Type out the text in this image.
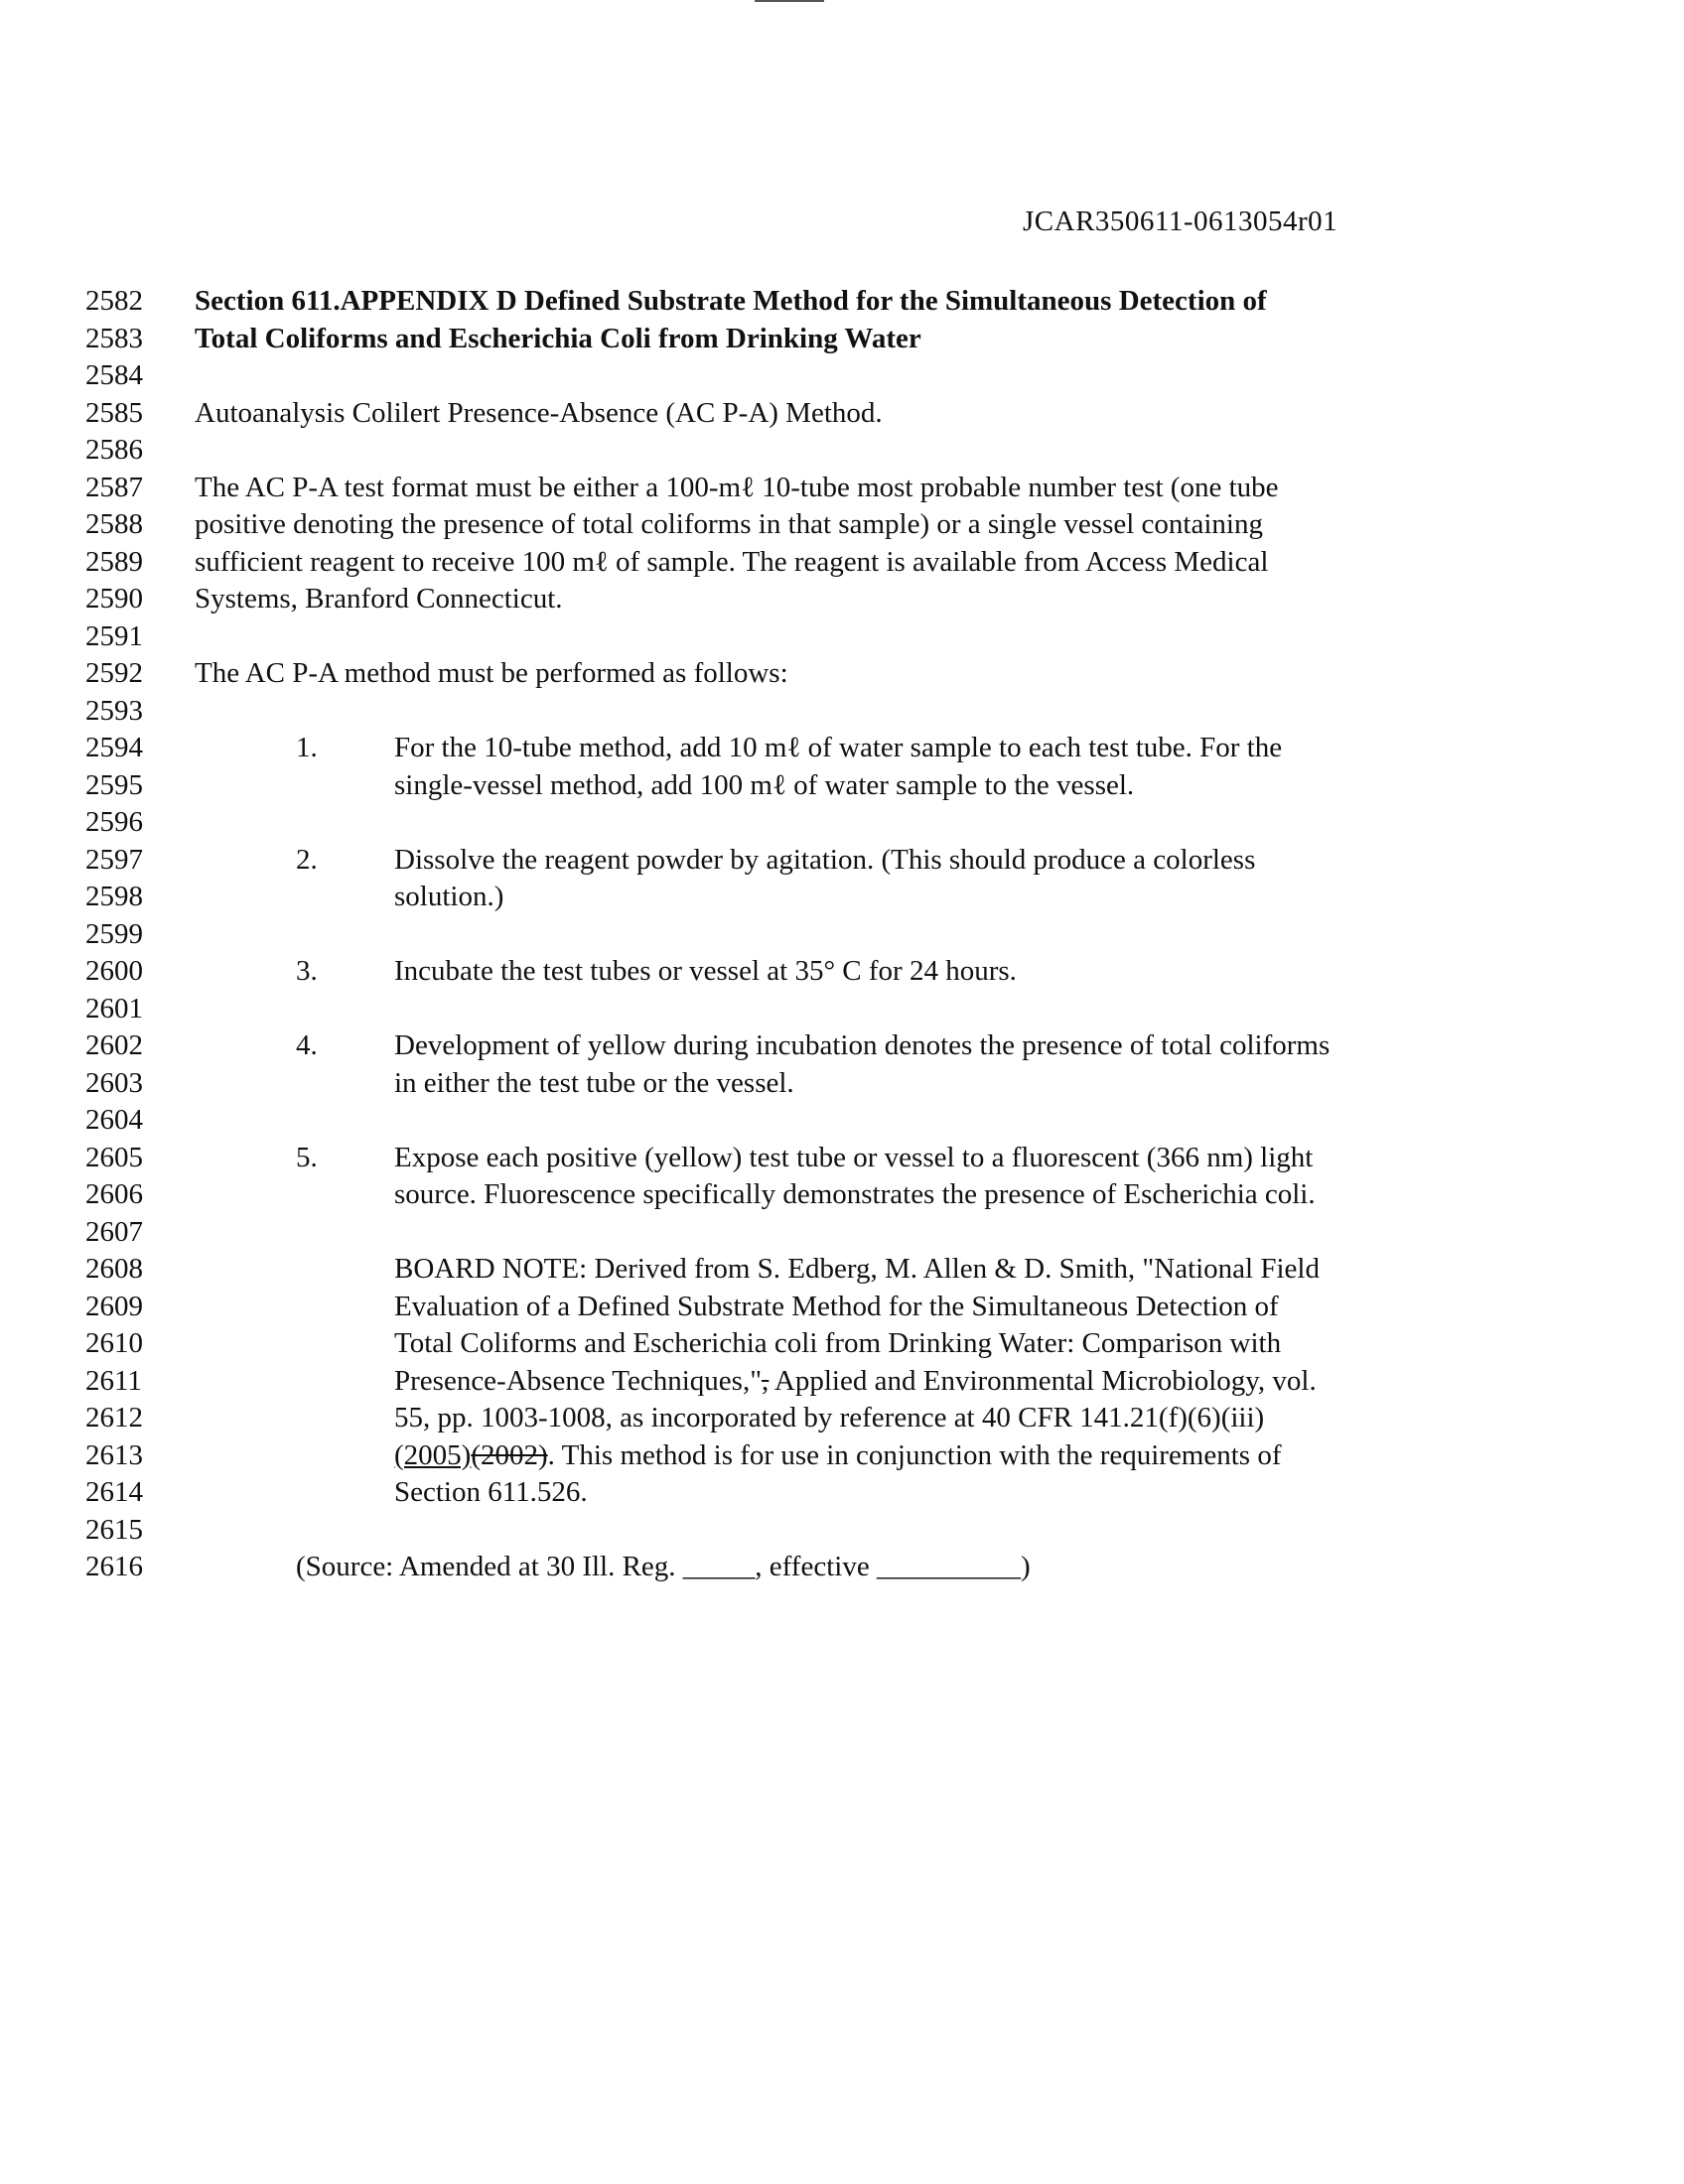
JCAR350611-0613054r01
2582	Section 611.APPENDIX D Defined Substrate Method for the Simultaneous Detection of
2583	Total Coliforms and Escherichia Coli from Drinking Water
2584
2585	Autoanalysis Colilert Presence-Absence (AC P-A) Method.
2586
2587	The AC P-A test format must be either a 100-mℓ 10-tube most probable number test (one tube
2588	positive denoting the presence of total coliforms in that sample) or a single vessel containing
2589	sufficient reagent to receive 100 mℓ of sample. The reagent is available from Access Medical
2590	Systems, Branford Connecticut.
2591
2592	The AC P-A method must be performed as follows:
2593
2594	1.	For the 10-tube method, add 10 mℓ of water sample to each test tube. For the
2595	single-vessel method, add 100 mℓ of water sample to the vessel.
2596
2597	2.	Dissolve the reagent powder by agitation. (This should produce a colorless
2598	solution.)
2599
2600	3.	Incubate the test tubes or vessel at 35° C for 24 hours.
2601
2602	4.	Development of yellow during incubation denotes the presence of total coliforms
2603	in either the test tube or the vessel.
2604
2605	5.	Expose each positive (yellow) test tube or vessel to a fluorescent (366 nm) light
2606	source. Fluorescence specifically demonstrates the presence of Escherichia coli.
2607
2608	BOARD NOTE: Derived from S. Edberg, M. Allen & D. Smith, "National Field
2609	Evaluation of a Defined Substrate Method for the Simultaneous Detection of
2610	Total Coliforms and Escherichia coli from Drinking Water: Comparison with
2611	Presence-Absence Techniques,", Applied and Environmental Microbiology, vol.
2612	55, pp. 1003-1008, as incorporated by reference at 40 CFR 141.21(f)(6)(iii)
2613	(2005)(2002). This method is for use in conjunction with the requirements of
2614	Section 611.526.
2615
2616	(Source: Amended at 30 Ill. Reg. _____, effective __________)
